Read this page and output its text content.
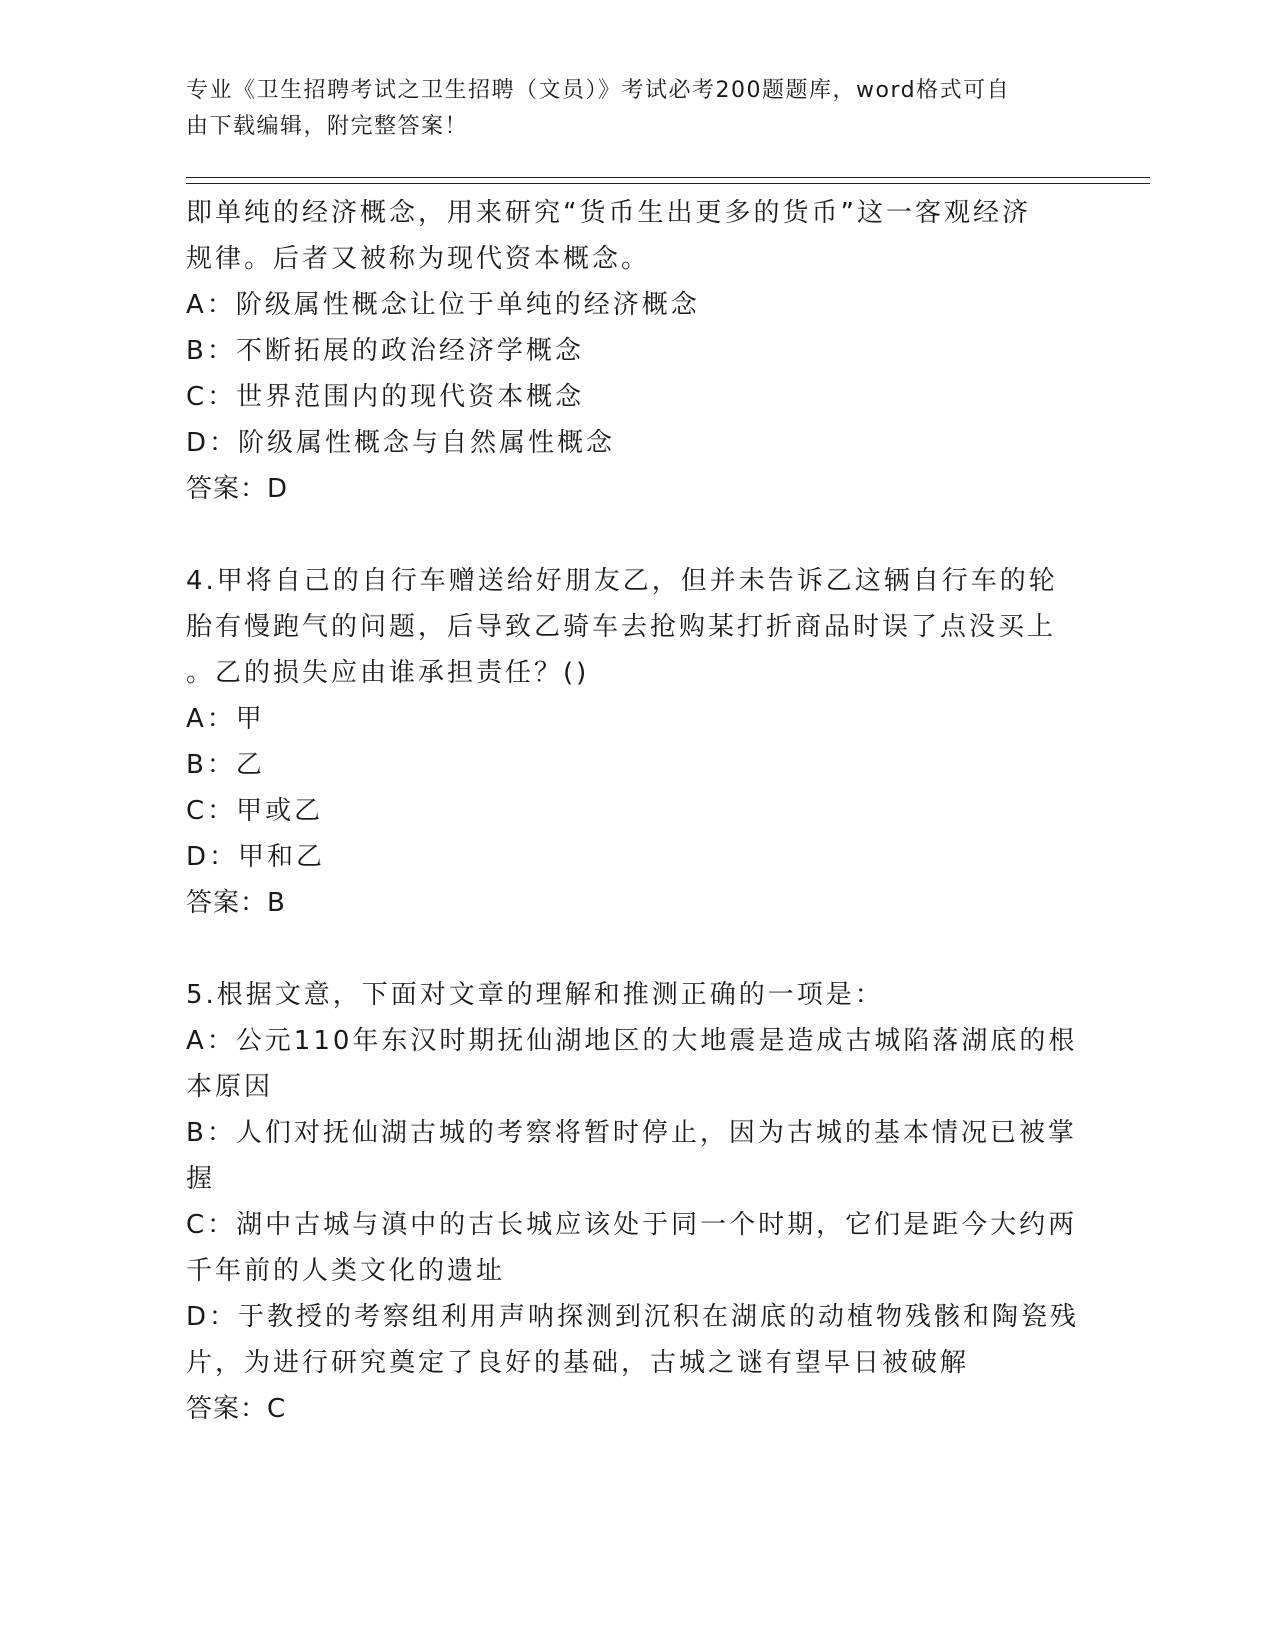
专业《卫生招聘考试之卫生招聘（文员）》考试必考200题题库，word格式可自
由下载编辑，附完整答案！
即单纯的经济概念，用来研究“货币生出更多的货币”这一客观经济
规律。后者又被称为现代资本概念。
A：阶级属性概念让位于单纯的经济概念
B：不断拓展的政治经济学概念
C：世界范围内的现代资本概念
D：阶级属性概念与自然属性概念
答案：D
4.甲将自己的自行车赠送给好朋友乙，但并未告诉乙这辆自行车的轮
胎有慢跑气的问题，后导致乙骑车去抢购某打折商品时误了点没买上
。乙的损失应由谁承担责任？()
A：甲
B：乙
C：甲或乙
D：甲和乙
答案：B
5.根据文意，下面对文章的理解和推测正确的一项是：
A：公元110年东汉时期抚仙湖地区的大地震是造成古城陷落湖底的根
本原因
B：人们对抚仙湖古城的考察将暂时停止，因为古城的基本情况已被掌
握
C：湖中古城与滇中的古长城应该处于同一个时期，它们是距今大约两
千年前的人类文化的遗址
D：于教授的考察组利用声呐探测到沉积在湖底的动植物残骸和陶瓷残
片，为进行研究奠定了良好的基础，古城之谜有望早日被破解
答案：C
